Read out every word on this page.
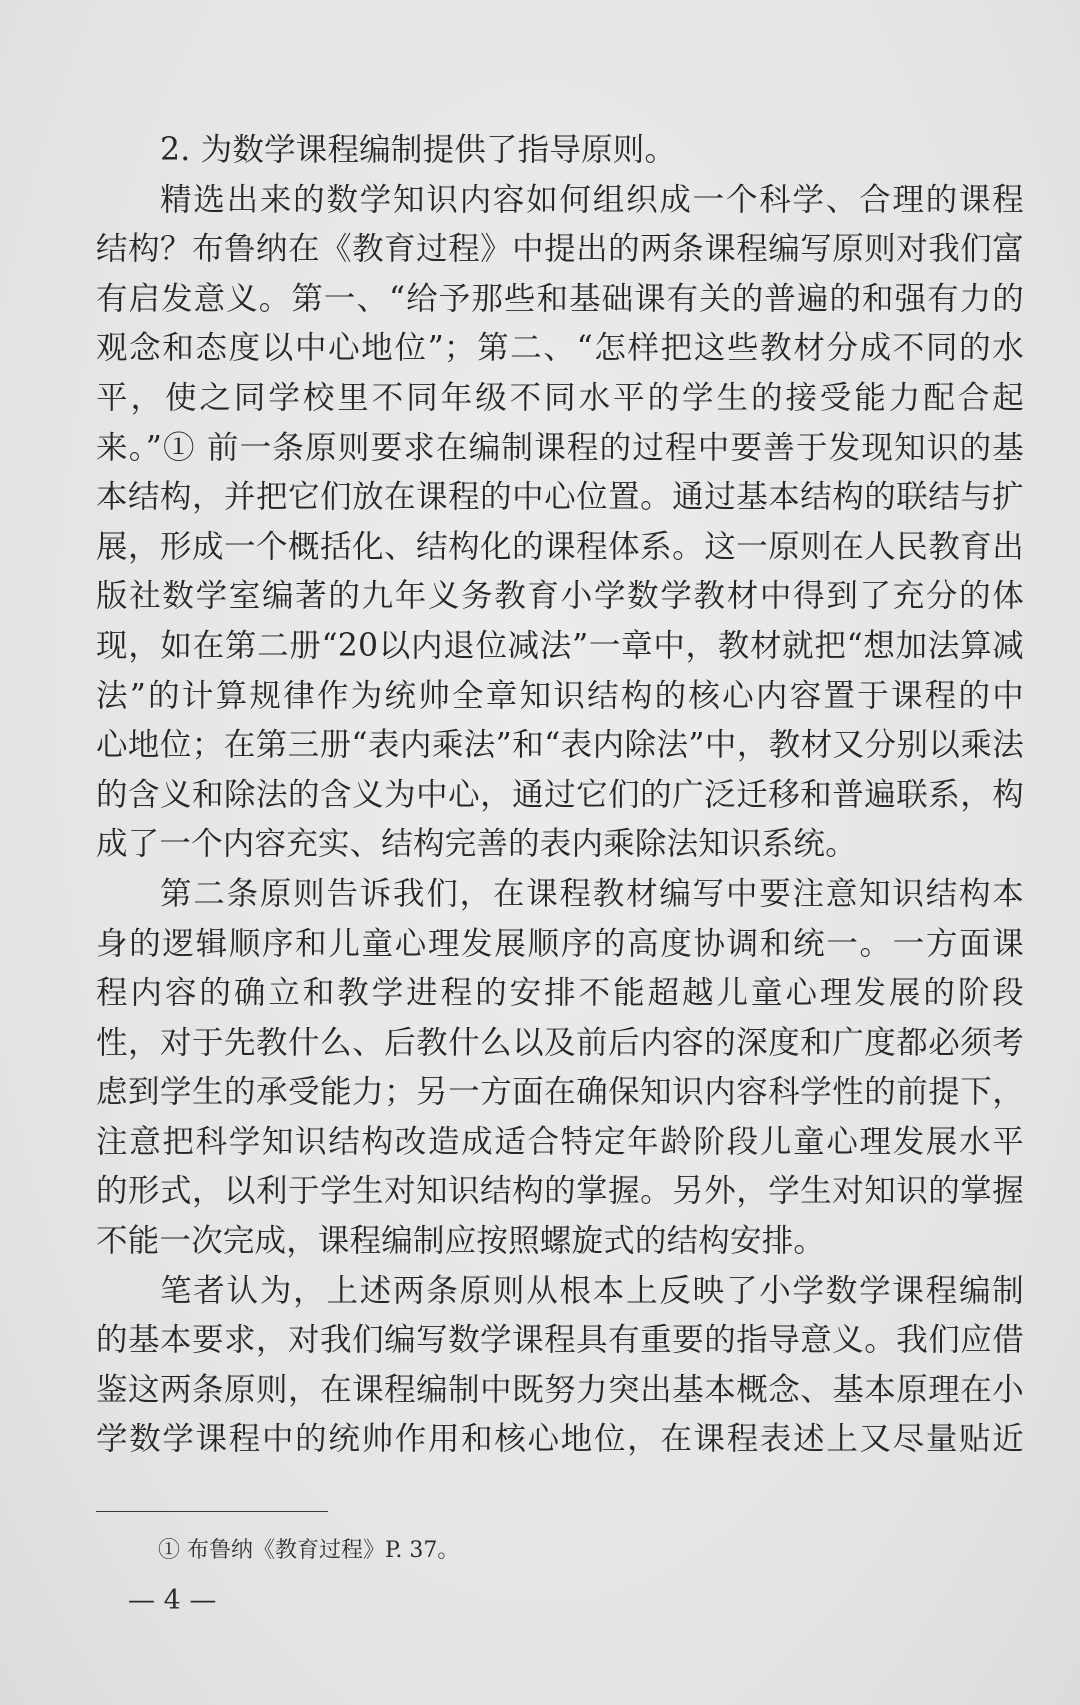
2. 为数学课程编制提供了指导原则。
精选出来的数学知识内容如何组织成一个科学、合理的课程
结构？布鲁纳在《教育过程》中提出的两条课程编写原则对我们富
有启发意义。第一、“给予那些和基础课有关的普遍的和强有力的
观念和态度以中心地位”；第二、“怎样把这些教材分成不同的水
平，使之同学校里不同年级不同水平的学生的接受能力配合起
来。”① 前一条原则要求在编制课程的过程中要善于发现知识的基
本结构，并把它们放在课程的中心位置。通过基本结构的联结与扩
展，形成一个概括化、结构化的课程体系。这一原则在人民教育出
版社数学室编著的九年义务教育小学数学教材中得到了充分的体
现，如在第二册“20以内退位减法”一章中，教材就把“想加法算减
法”的计算规律作为统帅全章知识结构的核心内容置于课程的中
心地位；在第三册“表内乘法”和“表内除法”中，教材又分别以乘法
的含义和除法的含义为中心，通过它们的广泛迁移和普遍联系，构
成了一个内容充实、结构完善的表内乘除法知识系统。
第二条原则告诉我们，在课程教材编写中要注意知识结构本
身的逻辑顺序和儿童心理发展顺序的高度协调和统一。一方面课
程内容的确立和教学进程的安排不能超越儿童心理发展的阶段
性，对于先教什么、后教什么以及前后内容的深度和广度都必须考
虑到学生的承受能力；另一方面在确保知识内容科学性的前提下，
注意把科学知识结构改造成适合特定年龄阶段儿童心理发展水平
的形式，以利于学生对知识结构的掌握。另外，学生对知识的掌握
不能一次完成，课程编制应按照螺旋式的结构安排。
笔者认为，上述两条原则从根本上反映了小学数学课程编制
的基本要求，对我们编写数学课程具有重要的指导意义。我们应借
鉴这两条原则，在课程编制中既努力突出基本概念、基本原理在小
学数学课程中的统帅作用和核心地位，在课程表述上又尽量贴近
① 布鲁纳《教育过程》P. 37。
— 4 —
